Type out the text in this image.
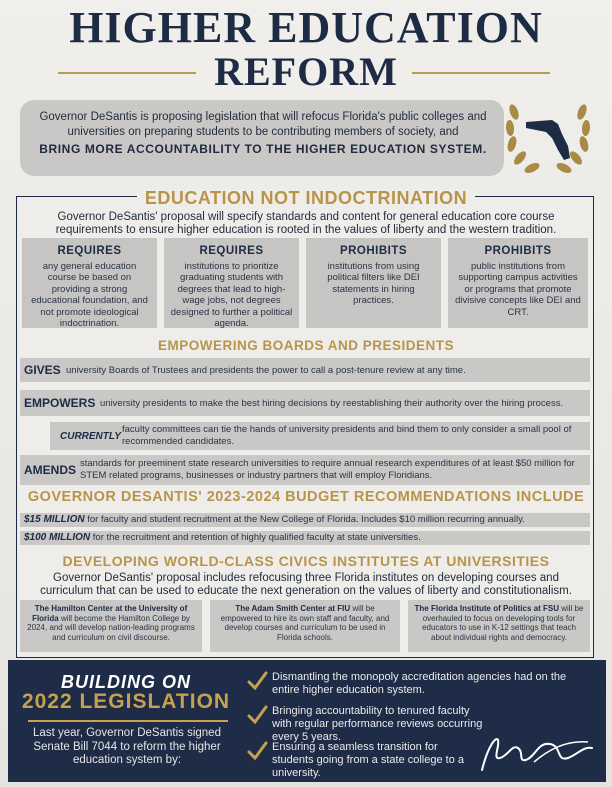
HIGHER EDUCATION
REFORM
Governor DeSantis is proposing legislation that will refocus Florida's public colleges and universities on preparing students to be contributing members of society, and
BRING MORE ACCOUNTABILITY TO THE HIGHER EDUCATION SYSTEM.
EDUCATION NOT INDOCTRINATION
Governor DeSantis' proposal will specify standards and content for general education core course requirements to ensure higher education is rooted in the values of liberty and the western tradition.
REQUIRES
any general education course be based on providing a strong educational foundation, and not promote ideological indoctrination.
REQUIRES
institutions to prioritize graduating students with degrees that lead to high-wage jobs, not degrees designed to further a political agenda.
PROHIBITS
institutions from using political filters like DEI statements in hiring practices.
PROHIBITS
public institutions from supporting campus activities or programs that promote divisive concepts like DEI and CRT.
EMPOWERING BOARDS AND PRESIDENTS
GIVES university Boards of Trustees and presidents the power to call a post-tenure review at any time.
EMPOWERS university presidents to make the best hiring decisions by reestablishing their authority over the hiring process.
CURRENTLY
faculty committees can tie the hands of university presidents and bind them to only consider a small pool of recommended candidates.
AMENDS standards for preeminent state research universities to require annual research expenditures of at least $50 million for STEM related programs, businesses or industry partners that will employ Floridians.
GOVERNOR DESANTIS' 2023-2024 BUDGET RECOMMENDATIONS INCLUDE
$15 MILLION for faculty and student recruitment at the New College of Florida. Includes $10 million recurring annually.
$100 MILLION for the recruitment and retention of highly qualified faculty at state universities.
DEVELOPING WORLD-CLASS CIVICS INSTITUTES AT UNIVERSITIES
Governor DeSantis' proposal includes refocusing three Florida institutes on developing courses and curriculum that can be used to educate the next generation on the values of liberty and constitutionalism.
The Hamilton Center at the University of Florida will become the Hamilton College by 2024, and will develop nation-leading programs and curriculum on civil discourse.
The Adam Smith Center at FIU will be empowered to hire its own staff and faculty, and develop courses and curriculum to be used in Florida schools.
The Florida Institute of Politics at FSU will be overhauled to focus on developing tools for educators to use in K-12 settings that teach about individual rights and democracy.
BUILDING ON
2022 LEGISLATION
Last year, Governor DeSantis signed Senate Bill 7044 to reform the higher education system by:
Dismantling the monopoly accreditation agencies had on the entire higher education system.
Bringing accountability to tenured faculty with regular performance reviews occurring every 5 years.
Ensuring a seamless transition for students going from a state college to a university.
